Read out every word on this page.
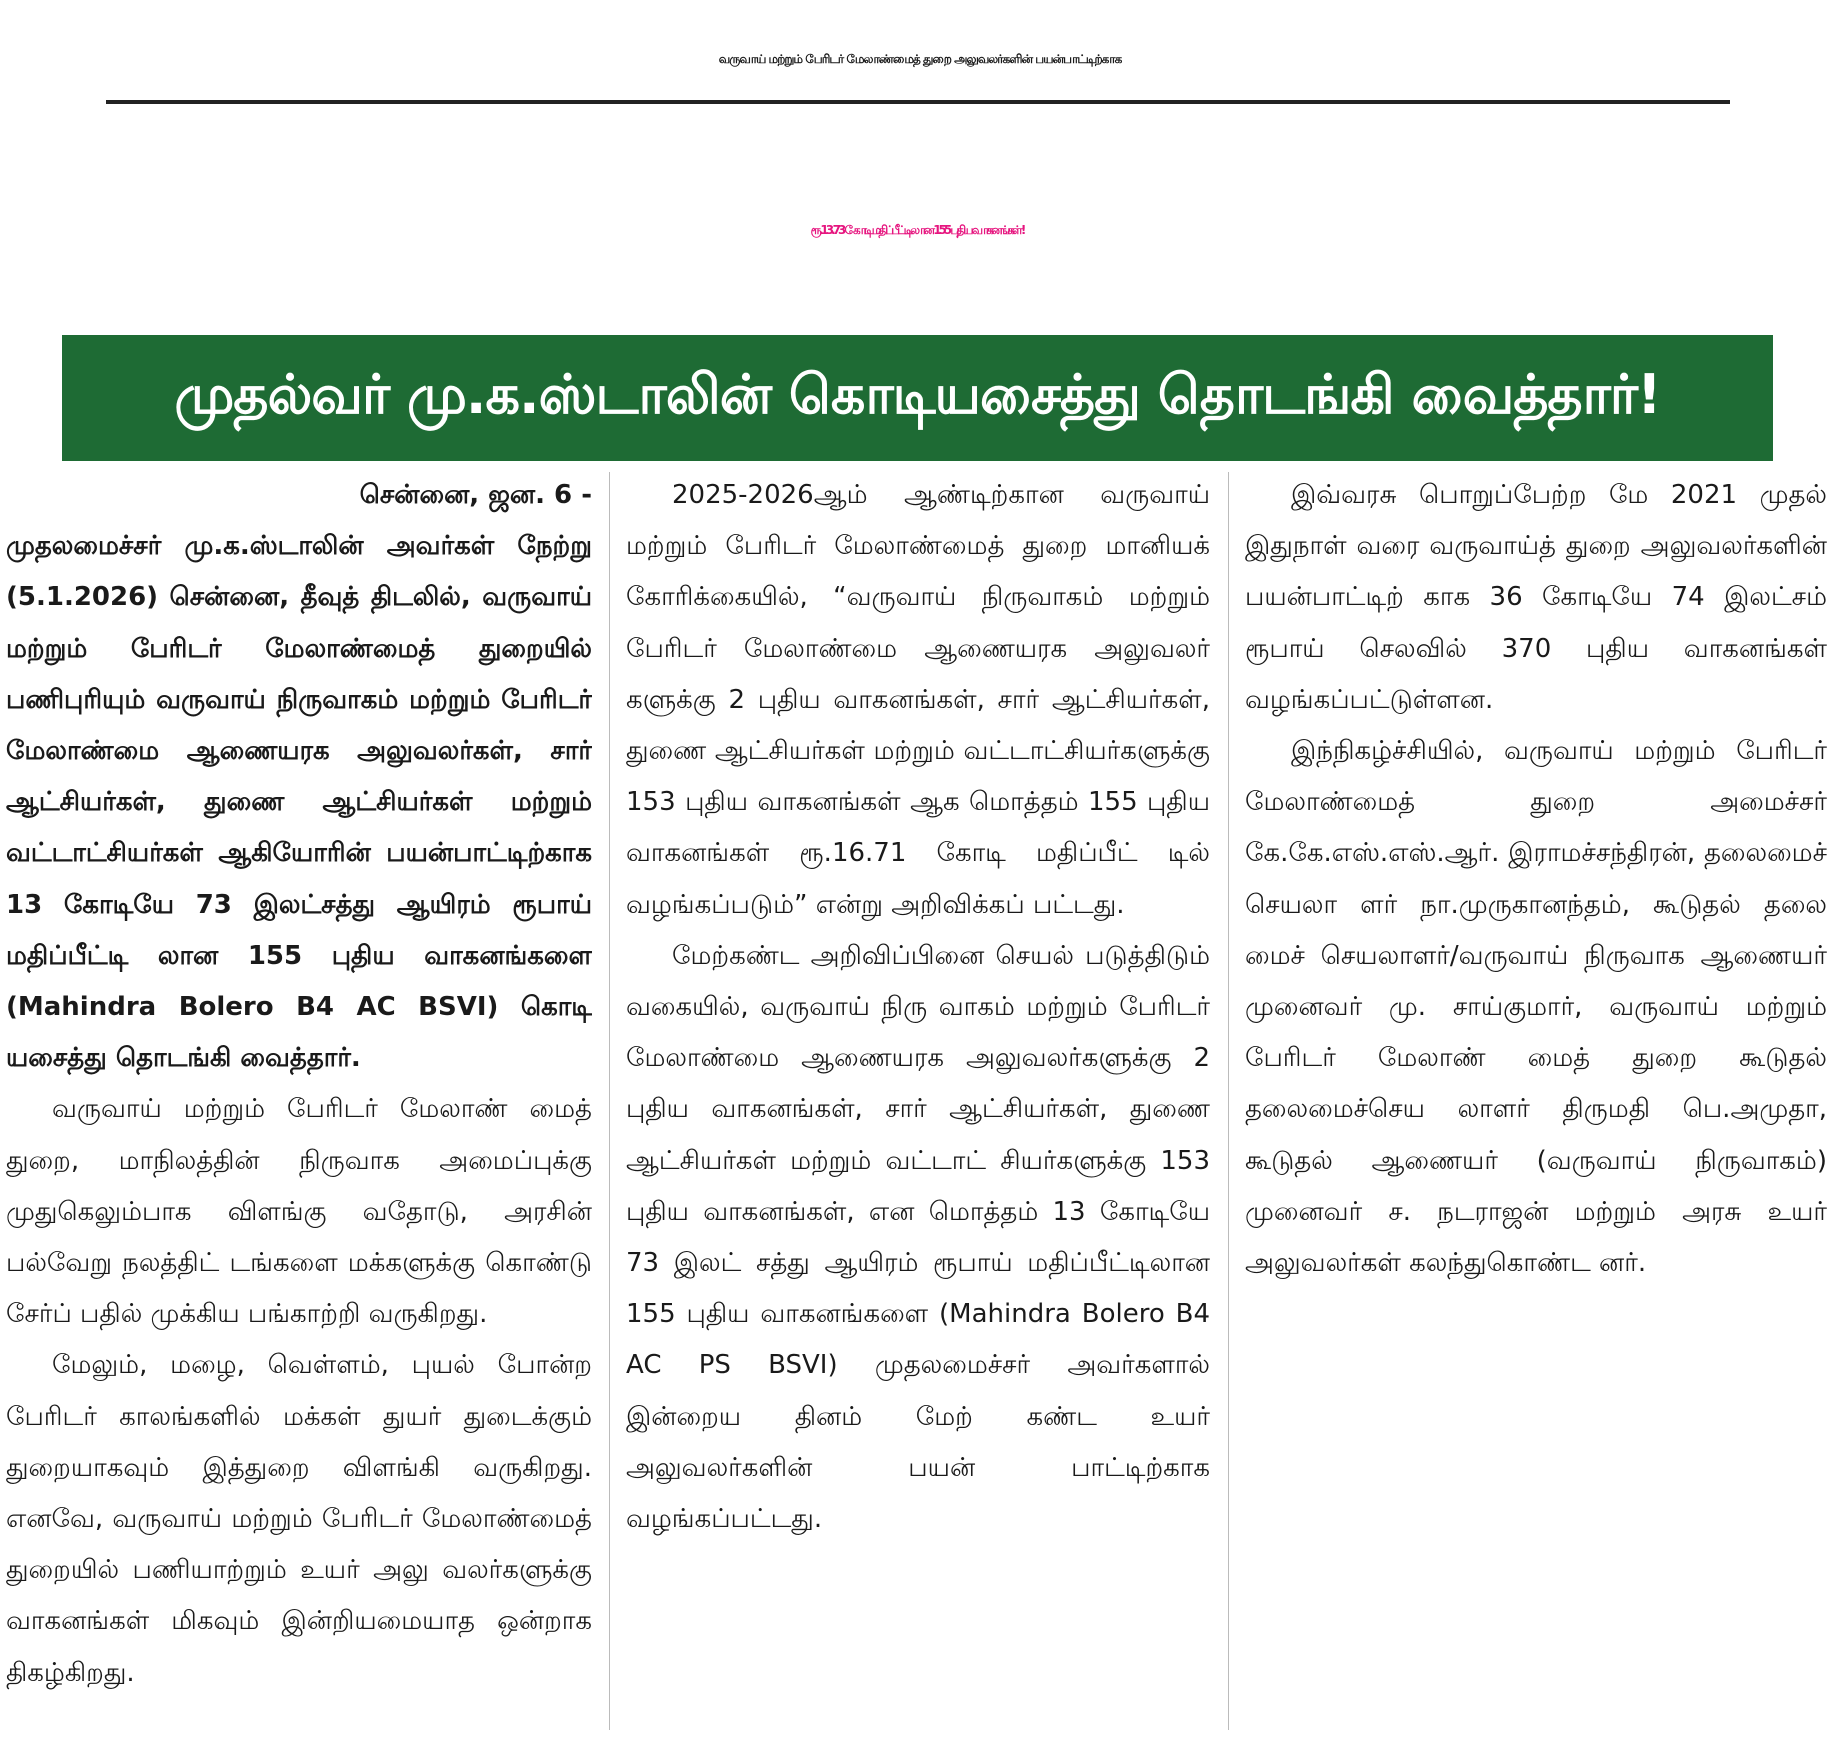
வருவாய் மற்றும் பேரிடர் மேலாண்மைத் துறை அலுவலர்களின் பயன்பாட்டிற்காக
ரூ.13.73 கோடி மதிப்பீட்டிலான 155 புதிய வாகனங்கள் !
முதல்வர் மு.க.ஸ்டாலின் கொடியசைத்து தொடங்கி வைத்தார்!

சென்னை, ஜன. 6 -

முதலமைச்சர் மு.க.ஸ்டாலின் அவர்கள் நேற்று (5.1.2026) சென்னை, தீவுத் திடலில், வருவாய் மற்றும் பேரிடர் மேலாண்மைத் துறையில் பணிபுரியும் வருவாய் நிருவாகம் மற்றும் பேரிடர் மேலாண்மை ஆணையரக அலுவலர்கள், சார் ஆட்சியர்கள், துணை ஆட்சியர்கள் மற்றும் வட்டாட்சியர்கள் ஆகியோரின் பயன்பாட்டிற்காக 13 கோடியே 73 இலட்சத்து ஆயிரம் ரூபாய் மதிப்பீட்டி லான 155 புதிய வாகனங்களை (Mahindra Bolero B4 AC BSVI) கொடி யசைத்து தொடங்கி வைத்தார்.

வருவாய் மற்றும் பேரிடர் மேலாண் மைத் துறை, மாநிலத்தின் நிருவாக அமைப்புக்கு முதுகெலும்பாக விளங்கு வதோடு, அரசின் பல்வேறு நலத்திட் டங்களை மக்களுக்கு கொண்டு சேர்ப் பதில் முக்கிய பங்காற்றி வருகிறது.

மேலும், மழை, வெள்ளம், புயல் போன்ற பேரிடர் காலங்களில் மக்கள் துயர் துடைக்கும் துறையாகவும் இத்துறை விளங்கி வருகிறது. எனவே, வருவாய் மற்றும் பேரிடர் மேலாண்மைத் துறையில் பணியாற்றும் உயர் அலு வலர்களுக்கு வாகனங்கள் மிகவும் இன்றியமையாத ஒன்றாக திகழ்கிறது.

2025-2026ஆம் ஆண்டிற்கான வருவாய் மற்றும் பேரிடர் மேலாண்மைத் துறை மானியக் கோரிக்கையில், “வருவாய் நிருவாகம் மற்றும் பேரிடர் மேலாண்மை ஆணையரக அலுவலர் களுக்கு 2 புதிய வாகனங்கள், சார் ஆட்சியர்கள், துணை ஆட்சியர்கள் மற்றும் வட்டாட்சியர்களுக்கு 153 புதிய வாகனங்கள் ஆக மொத்தம் 155 புதிய வாகனங்கள் ரூ.16.71 கோடி மதிப்பீட் டில் வழங்கப்படும்” என்று அறிவிக்கப் பட்டது.

மேற்கண்ட அறிவிப்பினை செயல் படுத்திடும் வகையில், வருவாய் நிரு வாகம் மற்றும் பேரிடர் மேலாண்மை ஆணையரக அலுவலர்களுக்கு 2 புதிய வாகனங்கள், சார் ஆட்சியர்கள், துணை ஆட்சியர்கள் மற்றும் வட்டாட் சியர்களுக்கு 153 புதிய வாகனங்கள், என மொத்தம் 13 கோடியே 73 இலட் சத்து ஆயிரம் ரூபாய் மதிப்பீட்டிலான 155 புதிய வாகனங்களை (Mahindra Bolero B4 AC PS BSVI) முதலமைச்சர் அவர்களால் இன்றைய தினம் மேற் கண்ட உயர் அலுவலர்களின் பயன் பாட்டிற்காக வழங்கப்பட்டது.

இவ்வரசு பொறுப்பேற்ற மே 2021 முதல் இதுநாள் வரை வருவாய்த் துறை அலுவலர்களின் பயன்பாட்டிற் காக 36 கோடியே 74 இலட்சம் ரூபாய் செலவில் 370 புதிய வாகனங்கள் வழங்கப்பட்டுள்ளன.

இந்நிகழ்ச்சியில், வருவாய் மற்றும் பேரிடர் மேலாண்மைத் துறை அமைச்சர் கே.கே.எஸ்.எஸ்.ஆர். இராமச்சந்திரன், தலைமைச் செயலா ளர் நா.முருகானந்தம், கூடுதல் தலை மைச் செயலாளர்/வருவாய் நிருவாக ஆணையர் முனைவர் மு. சாய்குமார், வருவாய் மற்றும் பேரிடர் மேலாண் மைத் துறை கூடுதல் தலைமைச்செய லாளர் திருமதி பெ.அமுதா, கூடுதல் ஆணையர் (வருவாய் நிருவாகம்) முனைவர் ச. நடராஜன் மற்றும் அரசு உயர் அலுவலர்கள் கலந்துகொண்ட னர்.
